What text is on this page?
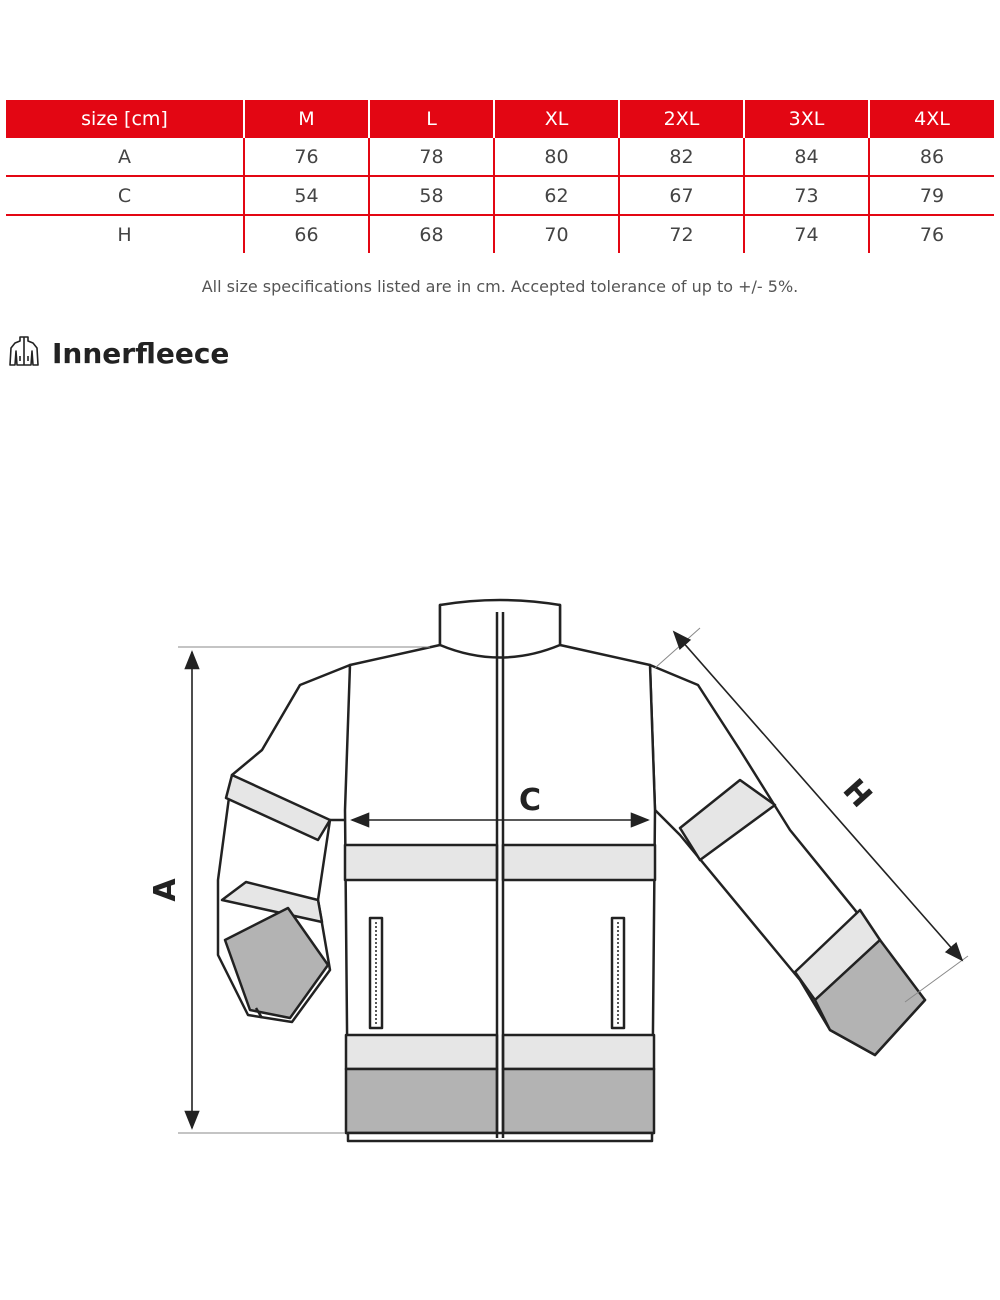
size [cm]	M	L	XL	2XL	3XL	4XL
A	76	78	80	82	84	86
C	54	58	62	67	73	79
H	66	68	70	72	74	76
All size specifications listed are in cm. Accepted tolerance of up to +/- 5%.
Innerfleece
A
C	H
